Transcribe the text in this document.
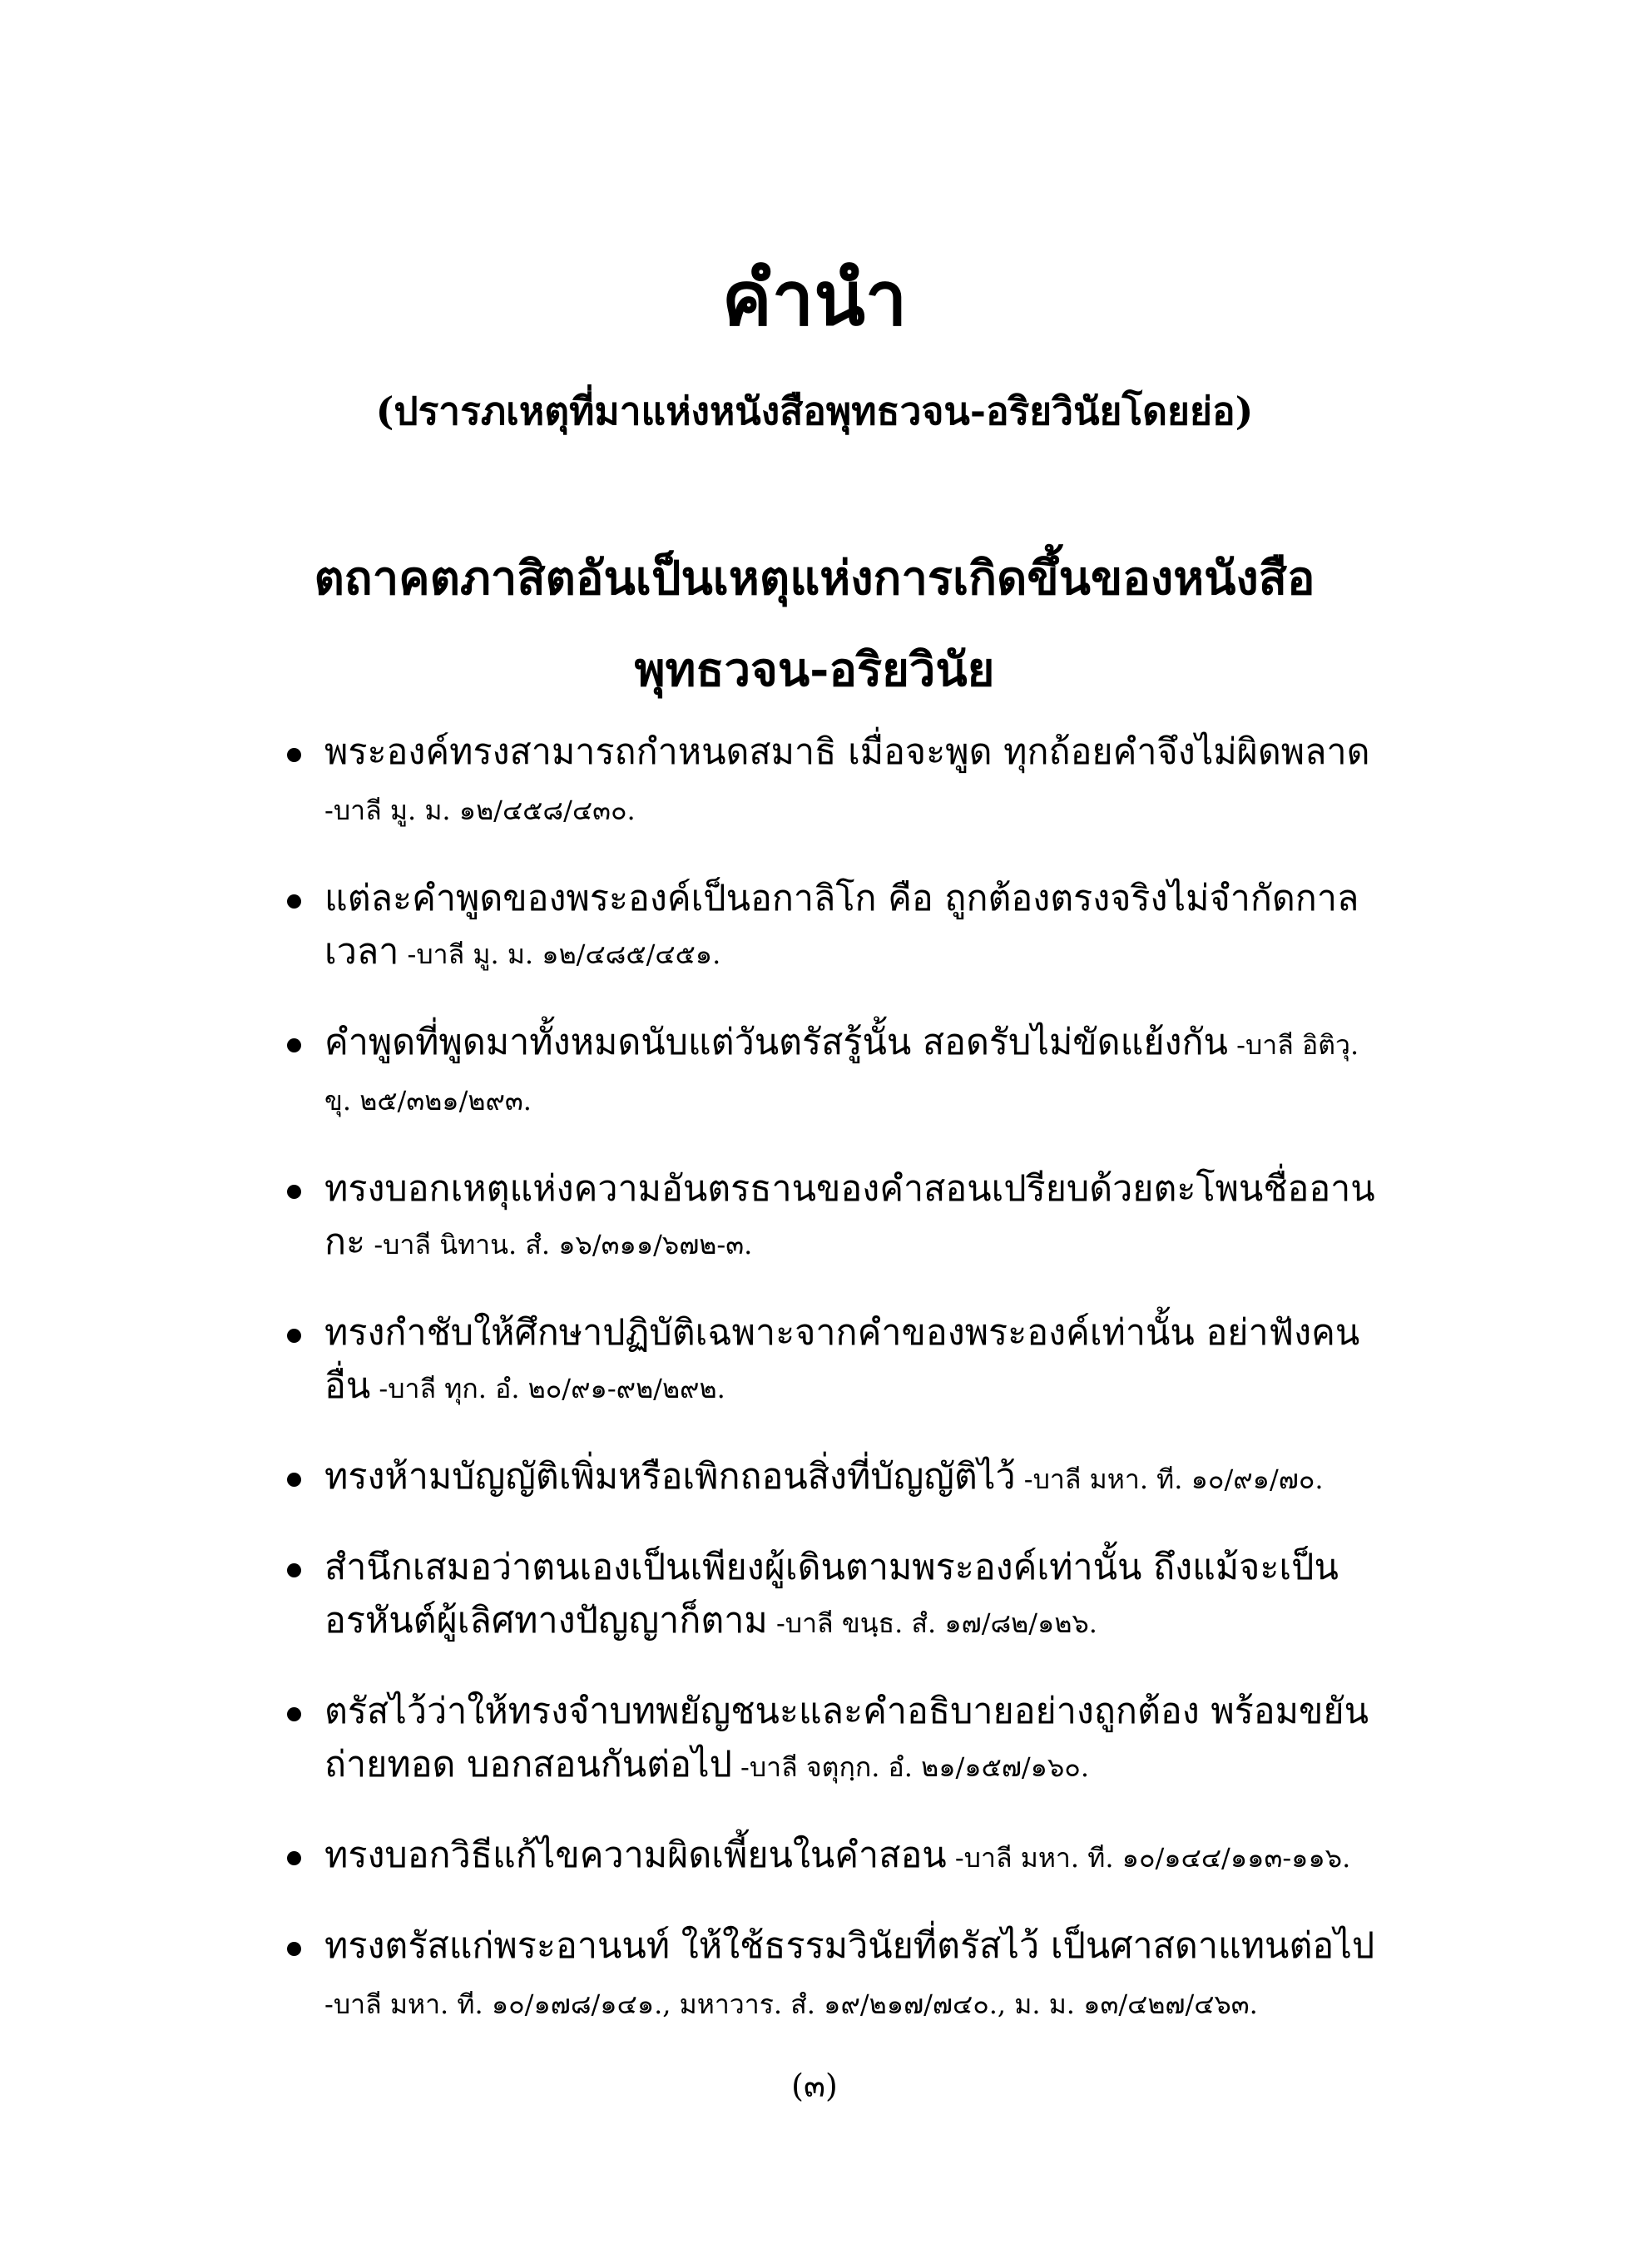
คำนำ

(ปรารภเหตุที่มาแห่งหนังสือพุทธวจน-อริยวินัยโดยย่อ)

ตถาคตภาสิตอันเป็นเหตุแห่งการเกิดขึ้นของหนังสือ
พุทธวจน-อริยวินัย
พระองค์ทรงสามารถกำหนดสมาธิ เมื่อจะพูด ทุกถ้อยคำจึงไม่ผิดพลาด -บาลี มู. ม. ๑๒/๔๕๘/๔๓๐.
แต่ละคำพูดของพระองค์เป็นอกาลิโก คือ ถูกต้องตรงจริงไม่จำกัดกาลเวลา -บาลี มู. ม. ๑๒/๔๘๕/๔๕๑.
คำพูดที่พูดมาทั้งหมดนับแต่วันตรัสรู้นั้น สอดรับไม่ขัดแย้งกัน -บาลี อิติวุ. ขุ. ๒๕/๓๒๑/๒๙๓.
ทรงบอกเหตุแห่งความอันตรธานของคำสอนเปรียบด้วยตะโพนชื่ออานกะ -บาลี นิทาน. สํ. ๑๖/๓๑๑/๖๗๒-๓.
ทรงกำชับให้ศึกษาปฏิบัติเฉพาะจากคำของพระองค์เท่านั้น อย่าฟังคนอื่น -บาลี ทุก. อํ. ๒๐/๙๑-๙๒/๒๙๒.
ทรงห้ามบัญญัติเพิ่มหรือเพิกถอนสิ่งที่บัญญัติไว้ -บาลี มหา. ที. ๑๐/๙๑/๗๐.
สำนึกเสมอว่าตนเองเป็นเพียงผู้เดินตามพระองค์เท่านั้น ถึงแม้จะเป็นอรหันต์ผู้เลิศทางปัญญาก็ตาม -บาลี ขนฺธ. สํ. ๑๗/๘๒/๑๒๖.
ตรัสไว้ว่าให้ทรงจำบทพยัญชนะและคำอธิบายอย่างถูกต้อง พร้อมขยันถ่ายทอด บอกสอนกันต่อไป -บาลี จตุกฺก. อํ. ๒๑/๑๕๗/๑๖๐.
ทรงบอกวิธีแก้ไขความผิดเพี้ยนในคำสอน -บาลี มหา. ที. ๑๐/๑๔๔/๑๑๓-๑๑๖.
ทรงตรัสแก่พระอานนท์ ให้ใช้ธรรมวินัยที่ตรัสไว้ เป็นศาสดาแทนต่อไป -บาลี มหา. ที. ๑๐/๑๗๘/๑๔๑., มหาวาร. สํ. ๑๙/๒๑๗/๗๔๐., ม. ม. ๑๓/๔๒๗/๔๖๓.
(๓)
